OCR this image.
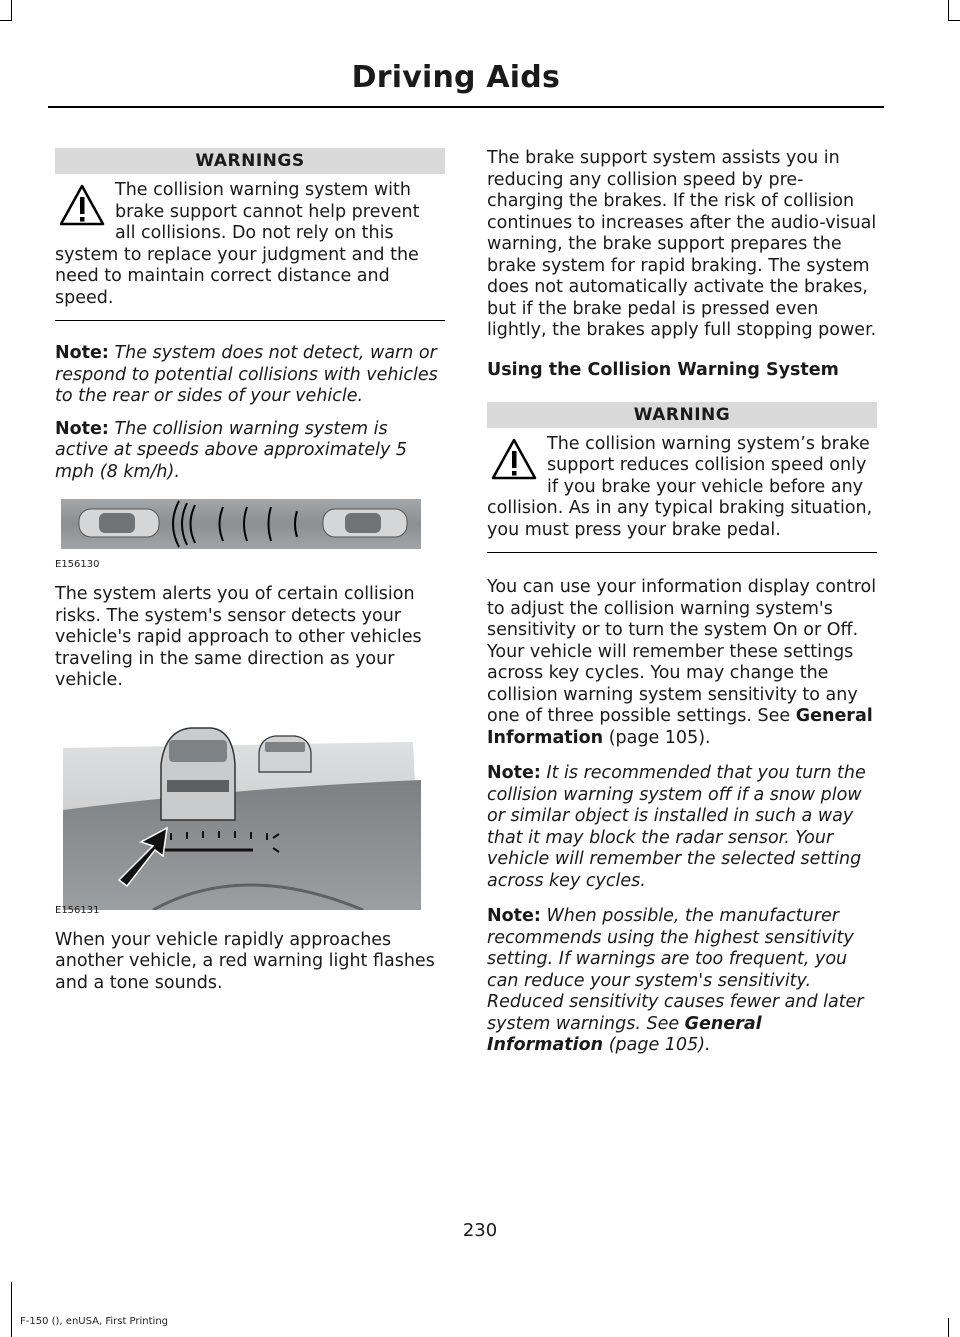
Driving Aids
WARNINGS
The collision warning system with brake support cannot help prevent all collisions. Do not rely on this system to replace your judgment and the need to maintain correct distance and speed.

Note: The system does not detect, warn or respond to potential collisions with vehicles to the rear or sides of your vehicle.

Note: The collision warning system is active at speeds above approximately 5 mph (8 km/h).

E156130

The system alerts you of certain collision risks. The system's sensor detects your vehicle's rapid approach to other vehicles traveling in the same direction as your vehicle.

E156131

When your vehicle rapidly approaches another vehicle, a red warning light flashes and a tone sounds.

The brake support system assists you in reducing any collision speed by pre-charging the brakes. If the risk of collision continues to increases after the audio-visual warning, the brake support prepares the brake system for rapid braking. The system does not automatically activate the brakes, but if the brake pedal is pressed even lightly, the brakes apply full stopping power.

Using the Collision Warning System
WARNING
The collision warning system’s brake support reduces collision speed only if you brake your vehicle before any collision. As in any typical braking situation, you must press your brake pedal.

You can use your information display control to adjust the collision warning system's sensitivity or to turn the system On or Off. Your vehicle will remember these settings across key cycles. You may change the collision warning system sensitivity to any one of three possible settings. See General Information (page 105).

Note: It is recommended that you turn the collision warning system off if a snow plow or similar object is installed in such a way that it may block the radar sensor. Your vehicle will remember the selected setting across key cycles.

Note: When possible, the manufacturer recommends using the highest sensitivity setting. If warnings are too frequent, you can reduce your system's sensitivity. Reduced sensitivity causes fewer and later system warnings. See General Information (page 105).

230
F-150 (), enUSA, First Printing
